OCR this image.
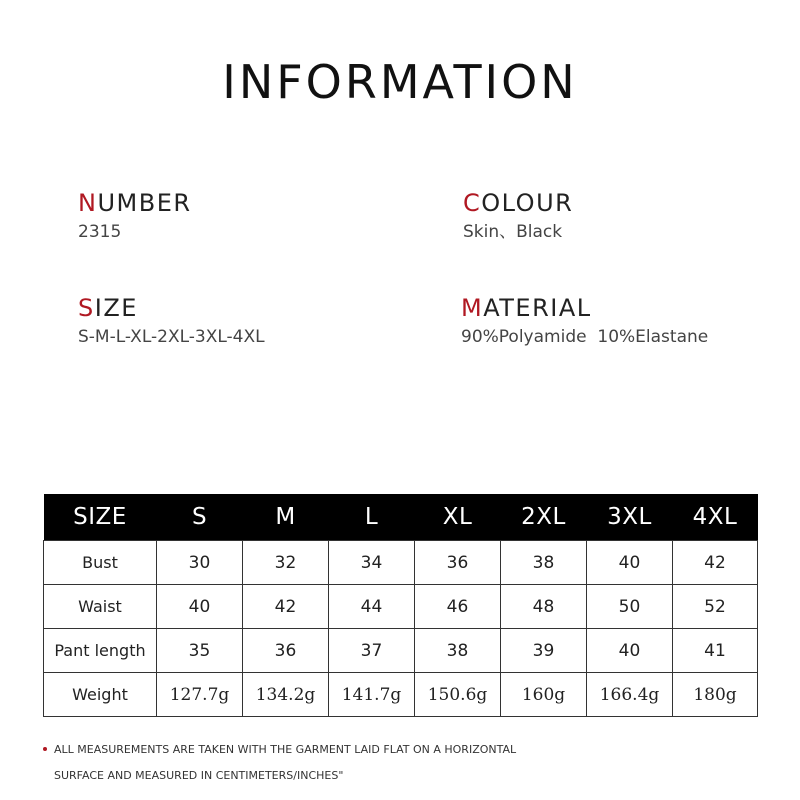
INFORMATION
NUMBER
2315
COLOUR
Skin、Black
SIZE
S-M-L-XL-2XL-3XL-4XL
MATERIAL
90%Polyamide  10%Elastane
SIZE	S	M	L	XL	2XL	3XL	4XL
Bust	30	32	34	36	38	40	42
Waist	40	42	44	46	48	50	52
Pant length	35	36	37	38	39	40	41
Weight	127.7g	134.2g	141.7g	150.6g	160g	166.4g	180g
ALL MEASUREMENTS ARE TAKEN WITH THE GARMENT LAID FLAT ON A HORIZONTAL
SURFACE AND MEASURED IN CENTIMETERS/INCHES"
